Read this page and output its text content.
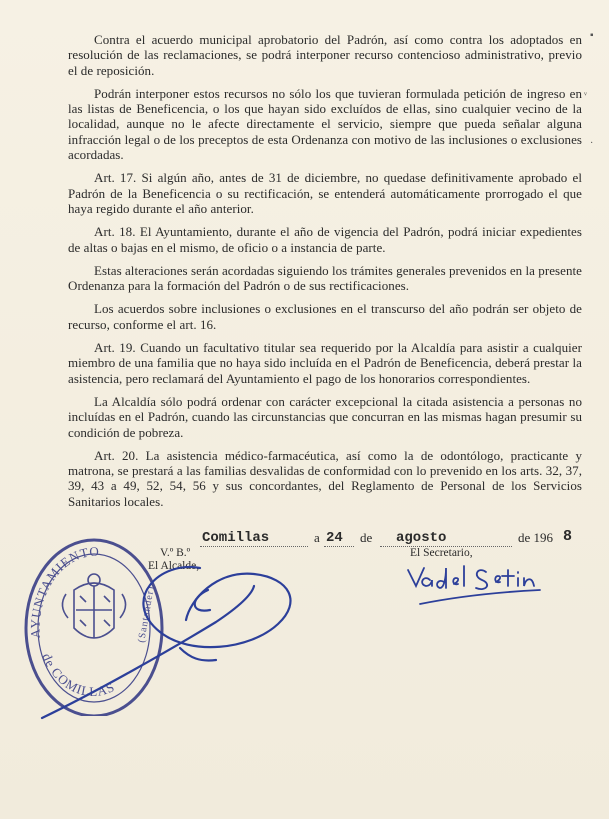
Contra el acuerdo municipal aprobatorio del Padrón, así como contra los adoptados en resolución de las reclamaciones, se podrá interponer recurso contencioso administrativo, previo el de reposición.

Podrán interponer estos recursos no sólo los que tuvieran formulada petición de ingreso en las listas de Beneficencia, o los que hayan sido excluídos de ellas, sino cualquier vecino de la localidad, aunque no le afecte directamente el servicio, siempre que pueda señalar alguna infracción legal o de los preceptos de esta Ordenanza con motivo de las inclusiones o exclusiones acordadas.

Art. 17. Si algún año, antes de 31 de diciembre, no quedase definitivamente aprobado el Padrón de la Beneficencia o su rectificación, se entenderá automáticamente prorrogado el que haya regido durante el año anterior.

Art. 18. El Ayuntamiento, durante el año de vigencia del Padrón, podrá iniciar expedientes de altas o bajas en el mismo, de oficio o a instancia de parte.

Estas alteraciones serán acordadas siguiendo los trámites generales prevenidos en la presente Ordenanza para la formación del Padrón o de sus rectificaciones.

Los acuerdos sobre inclusiones o exclusiones en el transcurso del año podrán ser objeto de recurso, conforme el art. 16.

Art. 19. Cuando un facultativo titular sea requerido por la Alcaldía para asistir a cualquier miembro de una familia que no haya sido incluída en el Padrón de Beneficencia, deberá prestar la asistencia, pero reclamará del Ayuntamiento el pago de los honorarios correspondientes.

La Alcaldía sólo podrá ordenar con carácter excepcional la citada asistencia a personas no incluídas en el Padrón, cuando las circunstancias que concurran en las mismas hagan presumir su condición de pobreza.

Art. 20. La asistencia médico-farmacéutica, así como la de odontólogo, practicante y matrona, se prestará a las familias desvalidas de conformidad con lo prevenido en los arts. 32, 37, 39, 43 a 49, 52, 54, 56 y sus concordantes, del Reglamento de Personal de los Servicios Sanitarios locales.

Comillas	a 24 de agosto	de 196 8
V.º B.º
El Alcalde,
El Secretario,
AYUNTAMIENTO
de COMILLAS
(Santander)
▪
ᵛ
·
